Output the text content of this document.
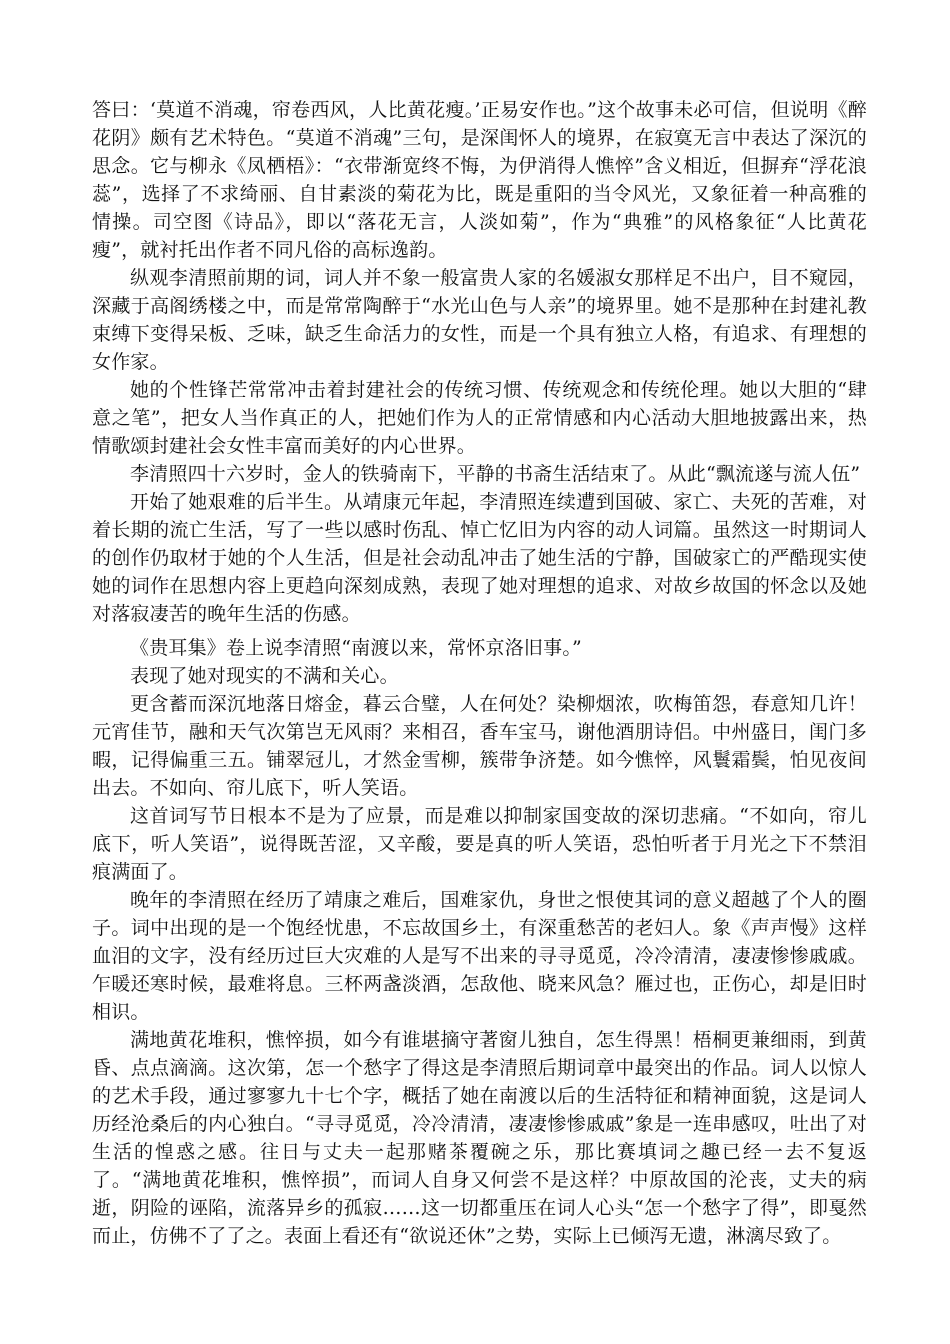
答曰：‘莫道不消魂，帘卷西风，人比黄花瘦。’正易安作也。”这个故事未必可信，但说明《醉花阴》颇有艺术特色。“莫道不消魂”三句，是深闺怀人的境界，在寂寞无言中表达了深沉的思念。它与柳永《凤栖梧》：“衣带渐宽终不悔，为伊消得人憔悴”含义相近，但摒弃“浮花浪蕊”，选择了不求绮丽、自甘素淡的菊花为比，既是重阳的当令风光，又象征着一种高雅的情操。司空图《诗品》，即以“落花无言，人淡如菊”，作为“典雅”的风格象征“人比黄花瘦”，就衬托出作者不同凡俗的高标逸韵。

纵观李清照前期的词，词人并不象一般富贵人家的名媛淑女那样足不出户，目不窥园，深藏于高阁绣楼之中，而是常常陶醉于“水光山色与人亲”的境界里。她不是那种在封建礼教束缚下变得呆板、乏味，缺乏生命活力的女性，而是一个具有独立人格，有追求、有理想的女作家。

她的个性锋芒常常冲击着封建社会的传统习惯、传统观念和传统伦理。她以大胆的“肆意之笔”，把女人当作真正的人，把她们作为人的正常情感和内心活动大胆地披露出来，热情歌颂封建社会女性丰富而美好的内心世界。

李清照四十六岁时，金人的铁骑南下，平静的书斋生活结束了。从此“飘流遂与流人伍”

开始了她艰难的后半生。从靖康元年起，李清照连续遭到国破、家亡、夫死的苦难，对着长期的流亡生活，写了一些以感时伤乱、悼亡忆旧为内容的动人词篇。虽然这一时期词人的创作仍取材于她的个人生活，但是社会动乱冲击了她生活的宁静，国破家亡的严酷现实使她的词作在思想内容上更趋向深刻成熟，表现了她对理想的追求、对故乡故国的怀念以及她对落寂凄苦的晚年生活的伤感。

《贵耳集》卷上说李清照“南渡以来，常怀京洛旧事。”

表现了她对现实的不满和关心。

更含蓄而深沉地落日熔金，暮云合璧，人在何处？染柳烟浓，吹梅笛怨，春意知几许！元宵佳节，融和天气次第岂无风雨？来相召，香车宝马，谢他酒朋诗侣。中州盛日，闺门多暇，记得偏重三五。铺翠冠儿，才然金雪柳，簇带争济楚。如今憔悴，风鬟霜鬓，怕见夜间出去。不如向、帘儿底下，听人笑语。

这首词写节日根本不是为了应景，而是难以抑制家国变故的深切悲痛。“不如向，帘儿底下，听人笑语”，说得既苦涩，又辛酸，要是真的听人笑语，恐怕听者于月光之下不禁泪痕满面了。

晚年的李清照在经历了靖康之难后，国难家仇，身世之恨使其词的意义超越了个人的圈子。词中出现的是一个饱经忧患，不忘故国乡土，有深重愁苦的老妇人。象《声声慢》这样血泪的文字，没有经历过巨大灾难的人是写不出来的寻寻觅觅，冷冷清清，凄凄惨惨戚戚。乍暖还寒时候，最难将息。三杯两盏淡酒，怎敌他、晓来风急？雁过也，正伤心，却是旧时相识。

满地黄花堆积，憔悴损，如今有谁堪摘守著窗儿独自，怎生得黑！梧桐更兼细雨，到黄昏、点点滴滴。这次第，怎一个愁字了得这是李清照后期词章中最突出的作品。词人以惊人的艺术手段，通过寥寥九十七个字，概括了她在南渡以后的生活特征和精神面貌，这是词人历经沧桑后的内心独白。“寻寻觅觅，冷冷清清，凄凄惨惨戚戚”象是一连串感叹，吐出了对生活的惶惑之感。往日与丈夫一起那赌茶覆碗之乐，那比赛填词之趣已经一去不复返了。“满地黄花堆积，憔悴损”，而词人自身又何尝不是这样？中原故国的沦丧，丈夫的病逝，阴险的诬陷，流落异乡的孤寂……这一切都重压在词人心头“怎一个愁字了得”，即戛然而止，仿佛不了了之。表面上看还有“欲说还休”之势，实际上已倾泻无遗，淋漓尽致了。
